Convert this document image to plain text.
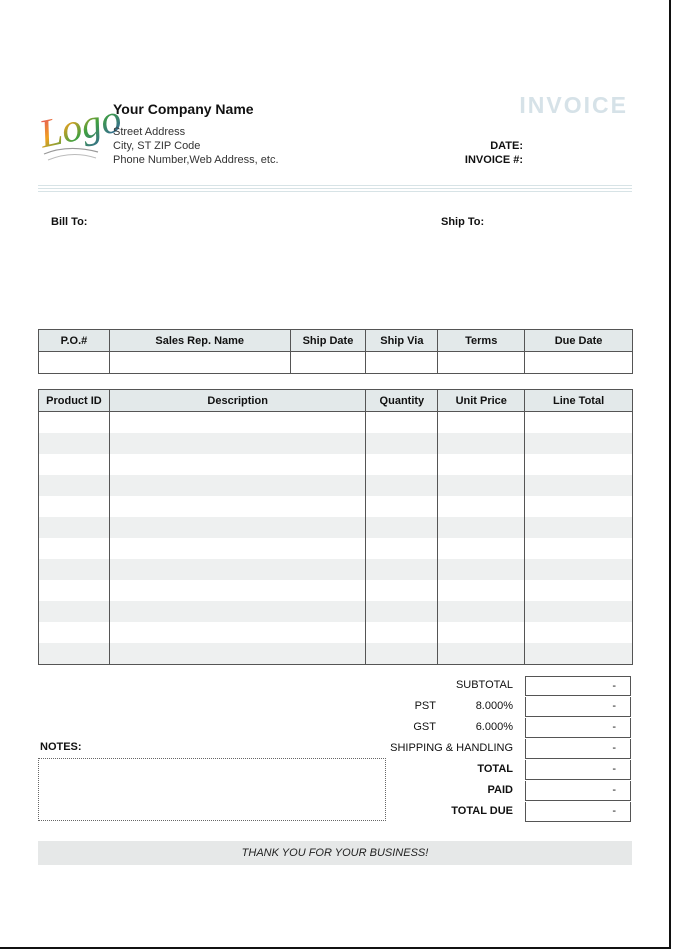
Logo
Your Company Name
Street Address
City, ST ZIP Code
Phone Number,Web Address, etc.
INVOICE
DATE:
INVOICE #:
Bill To:	Ship To:
P.O.#	Sales Rep. Name	Ship Date	Ship Via	Terms	Due Date

Product ID	Description	Quantity	Unit Price	Line Total

SUBTOTAL	-
PST	8.000%	-
GST	6.000%	-
SHIPPING & HANDLING	-
TOTAL	-
PAID	-
TOTAL DUE	-
NOTES:
THANK YOU FOR YOUR BUSINESS!
